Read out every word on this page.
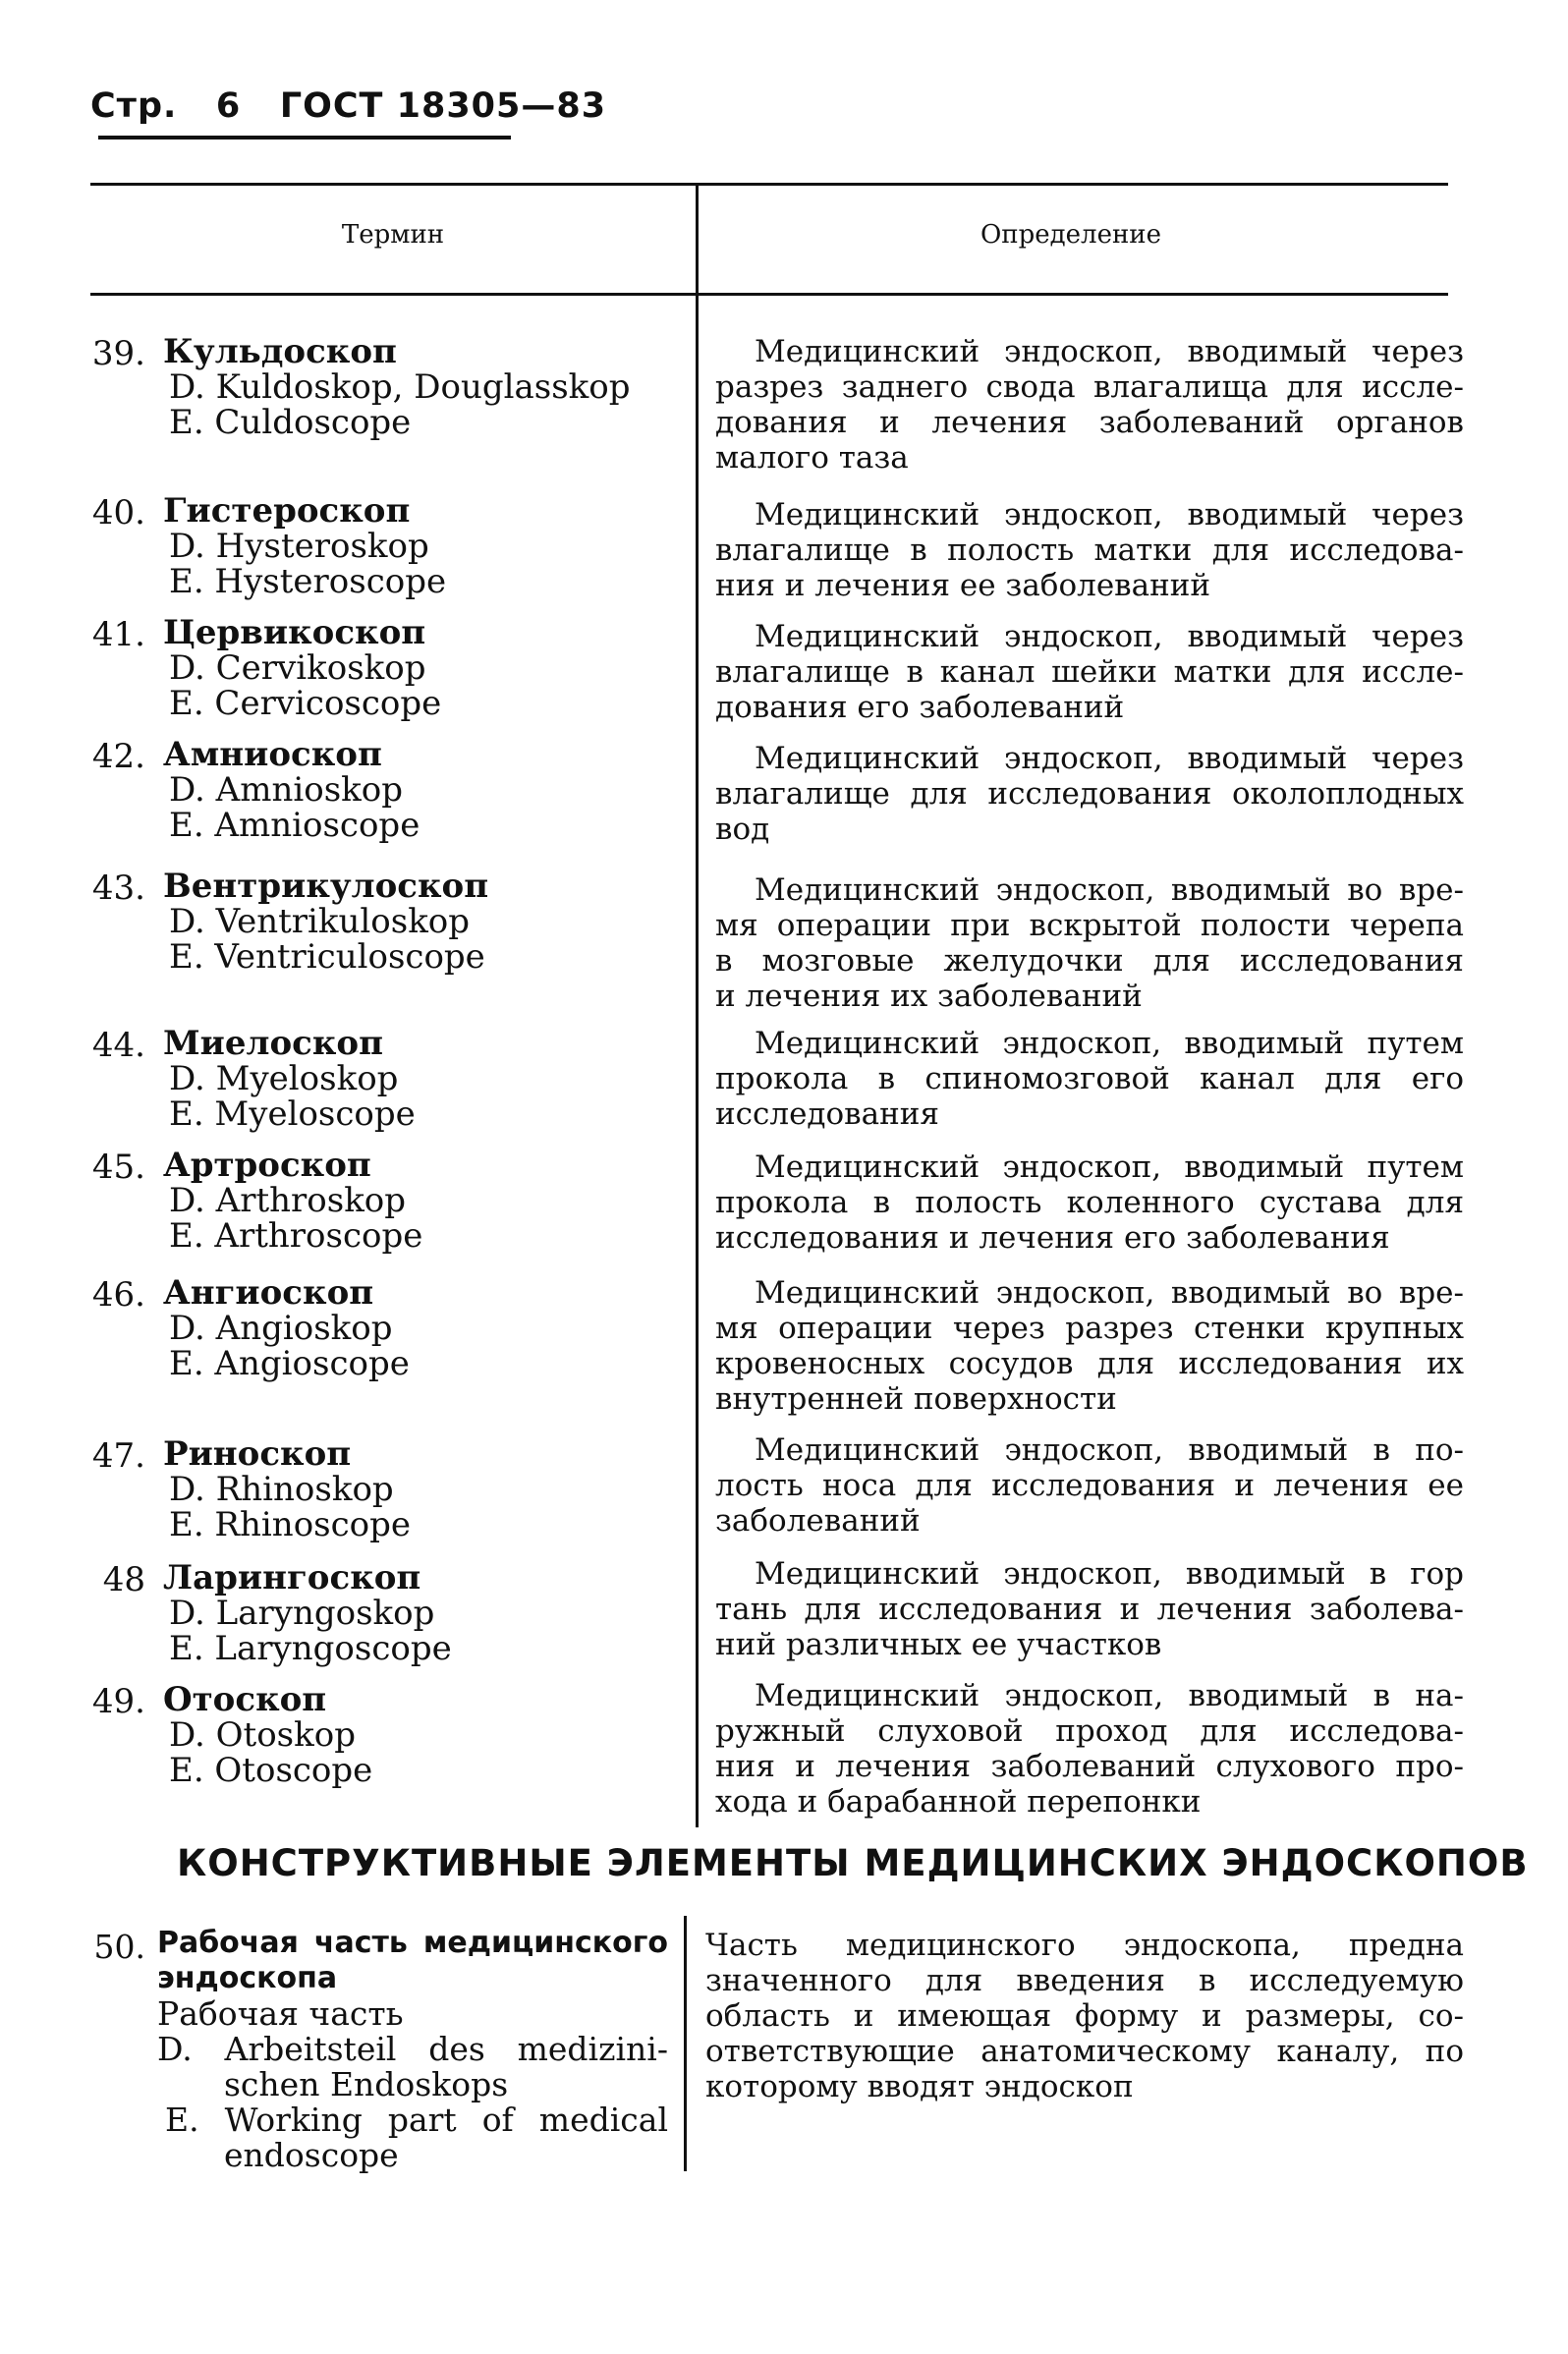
Стр. 6 ГОСТ 18305—83
Термин	Определение
39. Кульдоскоп
D. Kuldoskop, Douglasskop
E. Culdoscope
Медицинский эндоскоп, вводимый через
разрез заднего свода влагалища для иссле-
дования и лечения заболеваний органов
малого таза
40. Гистероскоп
D. Hysteroskop
E. Hysteroscope
Медицинский эндоскоп, вводимый через
влагалище в полость матки для исследова-
ния и лечения ее заболеваний
41. Цервикоскоп
D. Cervikoskop
E. Cervicoscope
Медицинский эндоскоп, вводимый через
влагалище в канал шейки матки для иссле-
дования его заболеваний
42. Амниоскоп
D. Amnioskop
E. Amnioscope
Медицинский эндоскоп, вводимый через
влагалище для исследования околоплодных
вод
43. Вентрикулоскоп
D. Ventrikuloskop
E. Ventriculoscope
Медицинский эндоскоп, вводимый во вре-
мя операции при вскрытой полости черепа
в мозговые желудочки для исследования
и лечения их заболеваний
44. Миелоскоп
D. Myeloskop
E. Myeloscope
Медицинский эндоскоп, вводимый путем
прокола в спиномозговой канал для его
исследования
45. Артроскоп
D. Arthroskop
E. Arthroscope
Медицинский эндоскоп, вводимый путем
прокола в полость коленного сустава для
исследования и лечения его заболевания
46. Ангиоскоп
D. Angioskop
E. Angioscope
Медицинский эндоскоп, вводимый во вре-
мя операции через разрез стенки крупных
кровеносных сосудов для исследования их
внутренней поверхности
47. Риноскоп
D. Rhinoskop
E. Rhinoscope
Медицинский эндоскоп, вводимый в по-
лость носа для исследования и лечения ее
заболеваний
48 Ларингоскоп
D. Laryngoskop
E. Laryngoscope
Медицинский эндоскоп, вводимый в гор
тань для исследования и лечения заболева-
ний различных ее участков
49. Отоскоп
D. Otoskop
E. Otoscope
Медицинский эндоскоп, вводимый в на-
ружный слуховой проход для исследова-
ния и лечения заболеваний слухового про-
хода и барабанной перепонки
КОНСТРУКТИВНЫЕ ЭЛЕМЕНТЫ МЕДИЦИНСКИХ ЭНДОСКОПОВ
50. Рабочая часть медицинского
эндоскопа
Рабочая часть
D. Arbeitsteil des medizini-
schen Endoskops
E. Working part of medical
endoscope
Часть медицинского эндоскопа, предна
значенного для введения в исследуемую
область и имеющая форму и размеры, со-
ответствующие анатомическому каналу, по
которому вводят эндоскоп
